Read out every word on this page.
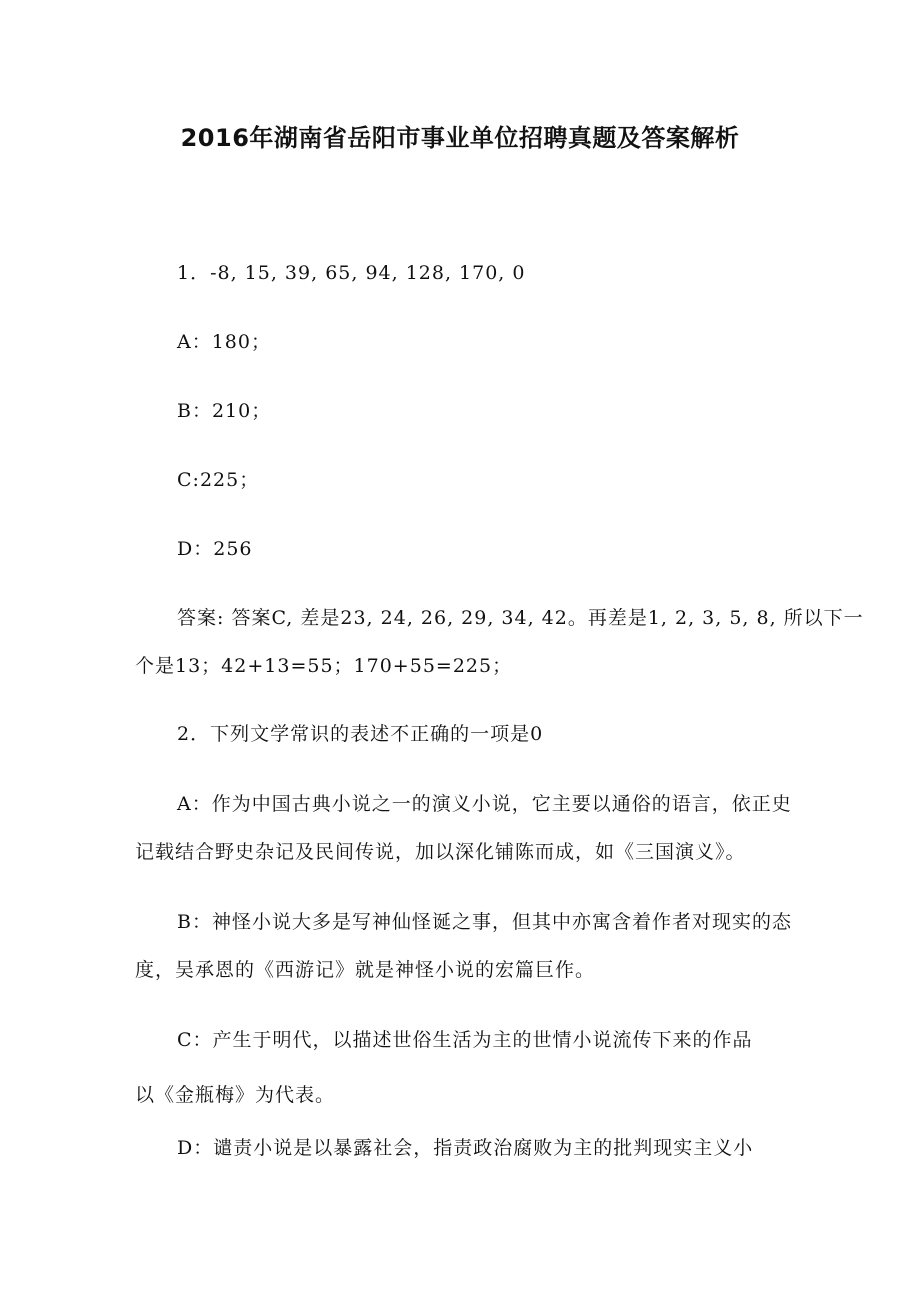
2016年湖南省岳阳市事业单位招聘真题及答案解析

1．-8, 15, 39, 65, 94, 128, 170, 0

A：180；

B：210；

C:225；

D：256

答案: 答案C, 差是23, 24, 26, 29, 34, 42。再差是1, 2, 3, 5, 8, 所以下一

个是13；42+13=55；170+55=225；

2．下列文学常识的表述不正确的一项是0

A：作为中国古典小说之一的演义小说，它主要以通俗的语言，依正史

记载结合野史杂记及民间传说，加以深化铺陈而成，如《三国演义》。

B：神怪小说大多是写神仙怪诞之事，但其中亦寓含着作者对现实的态

度，吴承恩的《西游记》就是神怪小说的宏篇巨作。

C：产生于明代，以描述世俗生活为主的世情小说流传下来的作品

以《金瓶梅》为代表。

D：谴责小说是以暴露社会，指责政治腐败为主的批判现实主义小
